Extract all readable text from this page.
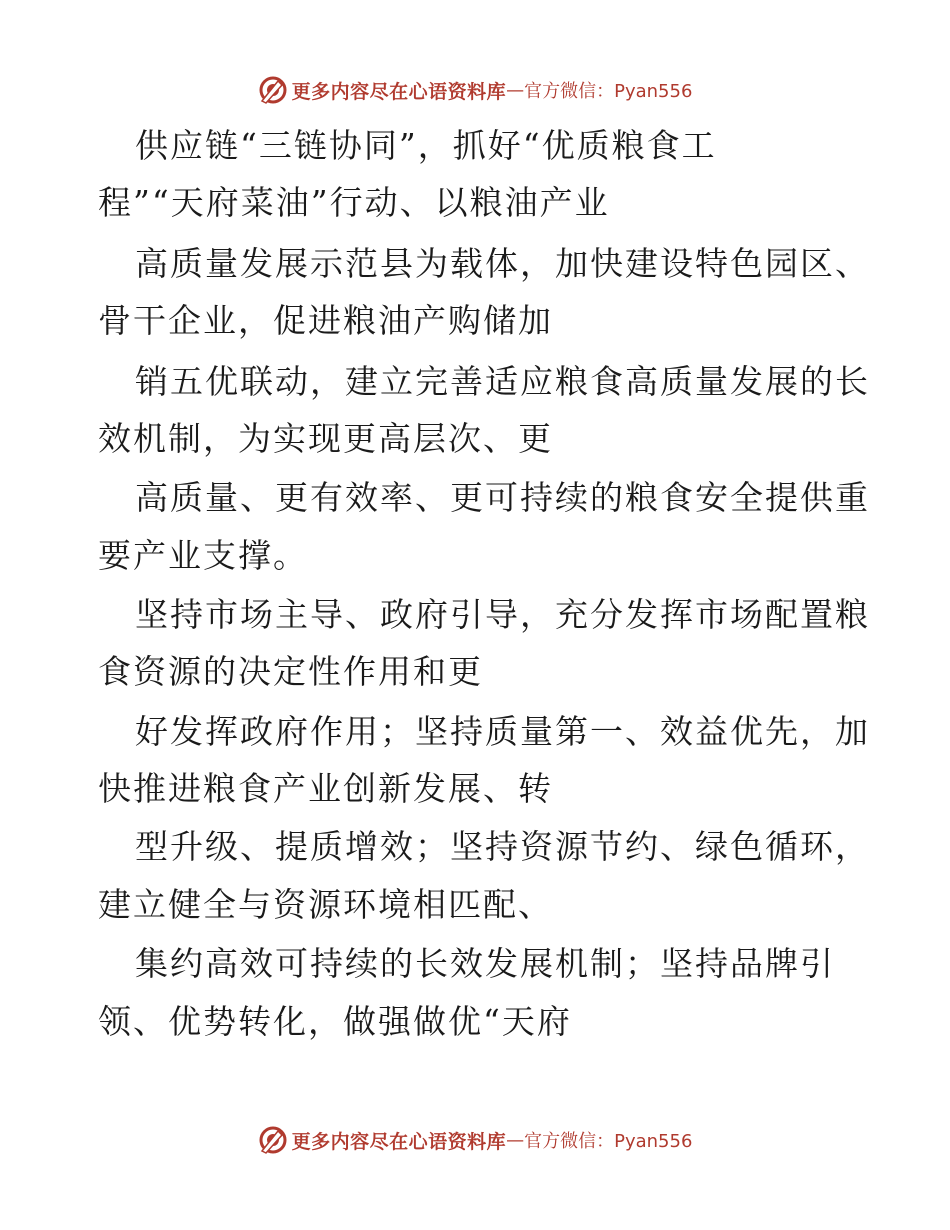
更多内容尽在心语资料库 — 官方微信：Pyan556
供应链“三链协同”，抓好“优质粮食工
程”“天府菜油”行动、以粮油产业
高质量发展示范县为载体，加快建设特色园区、
骨干企业，促进粮油产购储加
销五优联动，建立完善适应粮食高质量发展的长
效机制，为实现更高层次、更
高质量、更有效率、更可持续的粮食安全提供重
要产业支撑。
坚持市场主导、政府引导，充分发挥市场配置粮
食资源的决定性作用和更
好发挥政府作用；坚持质量第一、效益优先，加
快推进粮食产业创新发展、转
型升级、提质增效；坚持资源节约、绿色循环，
建立健全与资源环境相匹配、
集约高效可持续的长效发展机制；坚持品牌引
领、优势转化，做强做优“天府
更多内容尽在心语资料库 — 官方微信：Pyan556
